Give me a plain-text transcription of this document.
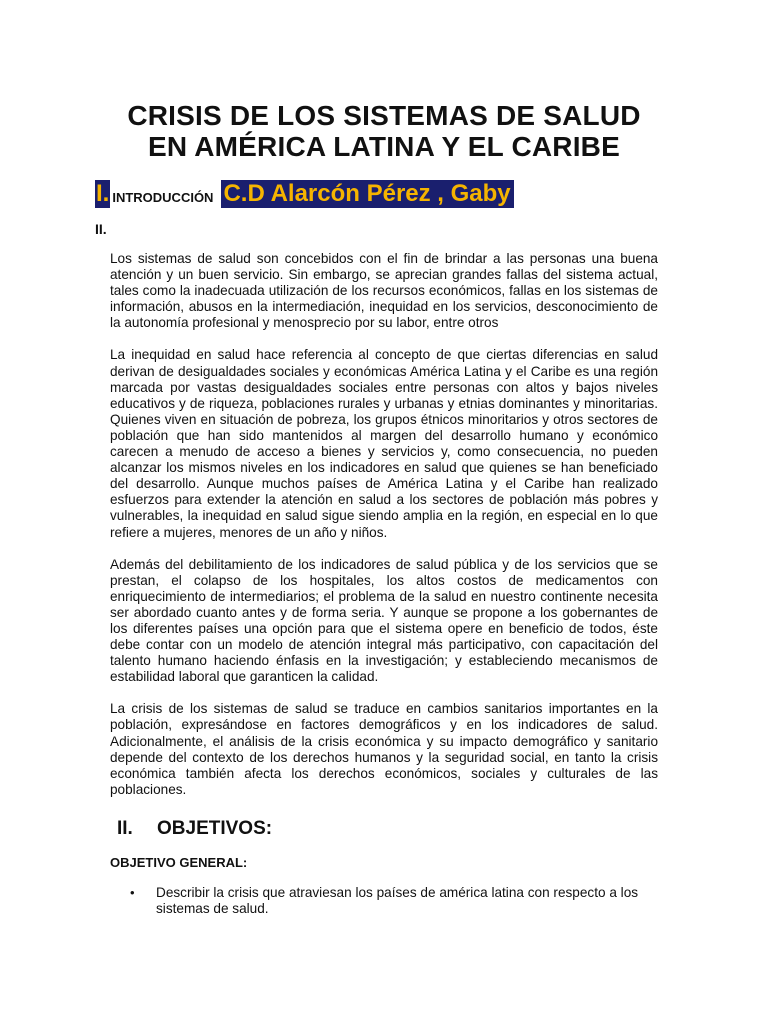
CRISIS DE LOS SISTEMAS DE SALUD
EN AMÉRICA LATINA Y EL CARIBE
I. INTRODUCCIÓN C.D Alarcón Pérez , Gaby
II.

Los sistemas de salud son concebidos con el fin de brindar a las personas una buena atención y un buen servicio. Sin embargo, se aprecian grandes fallas del sistema actual, tales como la inadecuada utilización de los recursos económicos, fallas en los sistemas de información, abusos en la intermediación, inequidad en los servicios, desconocimiento de la autonomía profesional y menosprecio por su labor, entre otros

La inequidad en salud hace referencia al concepto de que ciertas diferencias en salud derivan de desigualdades sociales y económicas América Latina y el Caribe es una región marcada por vastas desigualdades sociales entre personas con altos y bajos niveles educativos y de riqueza, poblaciones rurales y urbanas y etnias dominantes y minoritarias. Quienes viven en situación de pobreza, los grupos étnicos minoritarios y otros sectores de población que han sido mantenidos al margen del desarrollo humano y económico carecen a menudo de acceso a bienes y servicios y, como consecuencia, no pueden alcanzar los mismos niveles en los indicadores en salud que quienes se han beneficiado del desarrollo. Aunque muchos países de América Latina y el Caribe han realizado esfuerzos para extender la atención en salud a los sectores de población más pobres y vulnerables, la inequidad en salud sigue siendo amplia en la región, en especial en lo que refiere a mujeres, menores de un año y niños.

Además del debilitamiento de los indicadores de salud pública y de los servicios que se prestan, el colapso de los hospitales, los altos costos de medicamentos con enriquecimiento de intermediarios; el problema de la salud en nuestro continente necesita ser abordado cuanto antes y de forma seria. Y aunque se propone a los gobernantes de los diferentes países una opción para que el sistema opere en beneficio de todos, éste debe contar con un modelo de atención integral más participativo, con capacitación del talento humano haciendo énfasis en la investigación; y estableciendo mecanismos de estabilidad laboral que garanticen la calidad.

La crisis de los sistemas de salud se traduce en cambios sanitarios importantes en la población, expresándose en factores demográficos y en los indicadores de salud. Adicionalmente, el análisis de la crisis económica y su impacto demográfico y sanitario depende del contexto de los derechos humanos y la seguridad social, en tanto la crisis económica también afecta los derechos económicos, sociales y culturales de las poblaciones.

II. OBJETIVOS:
OBJETIVO GENERAL:
• Describir la crisis que atraviesan los países de américa latina con respecto a los sistemas de salud.
